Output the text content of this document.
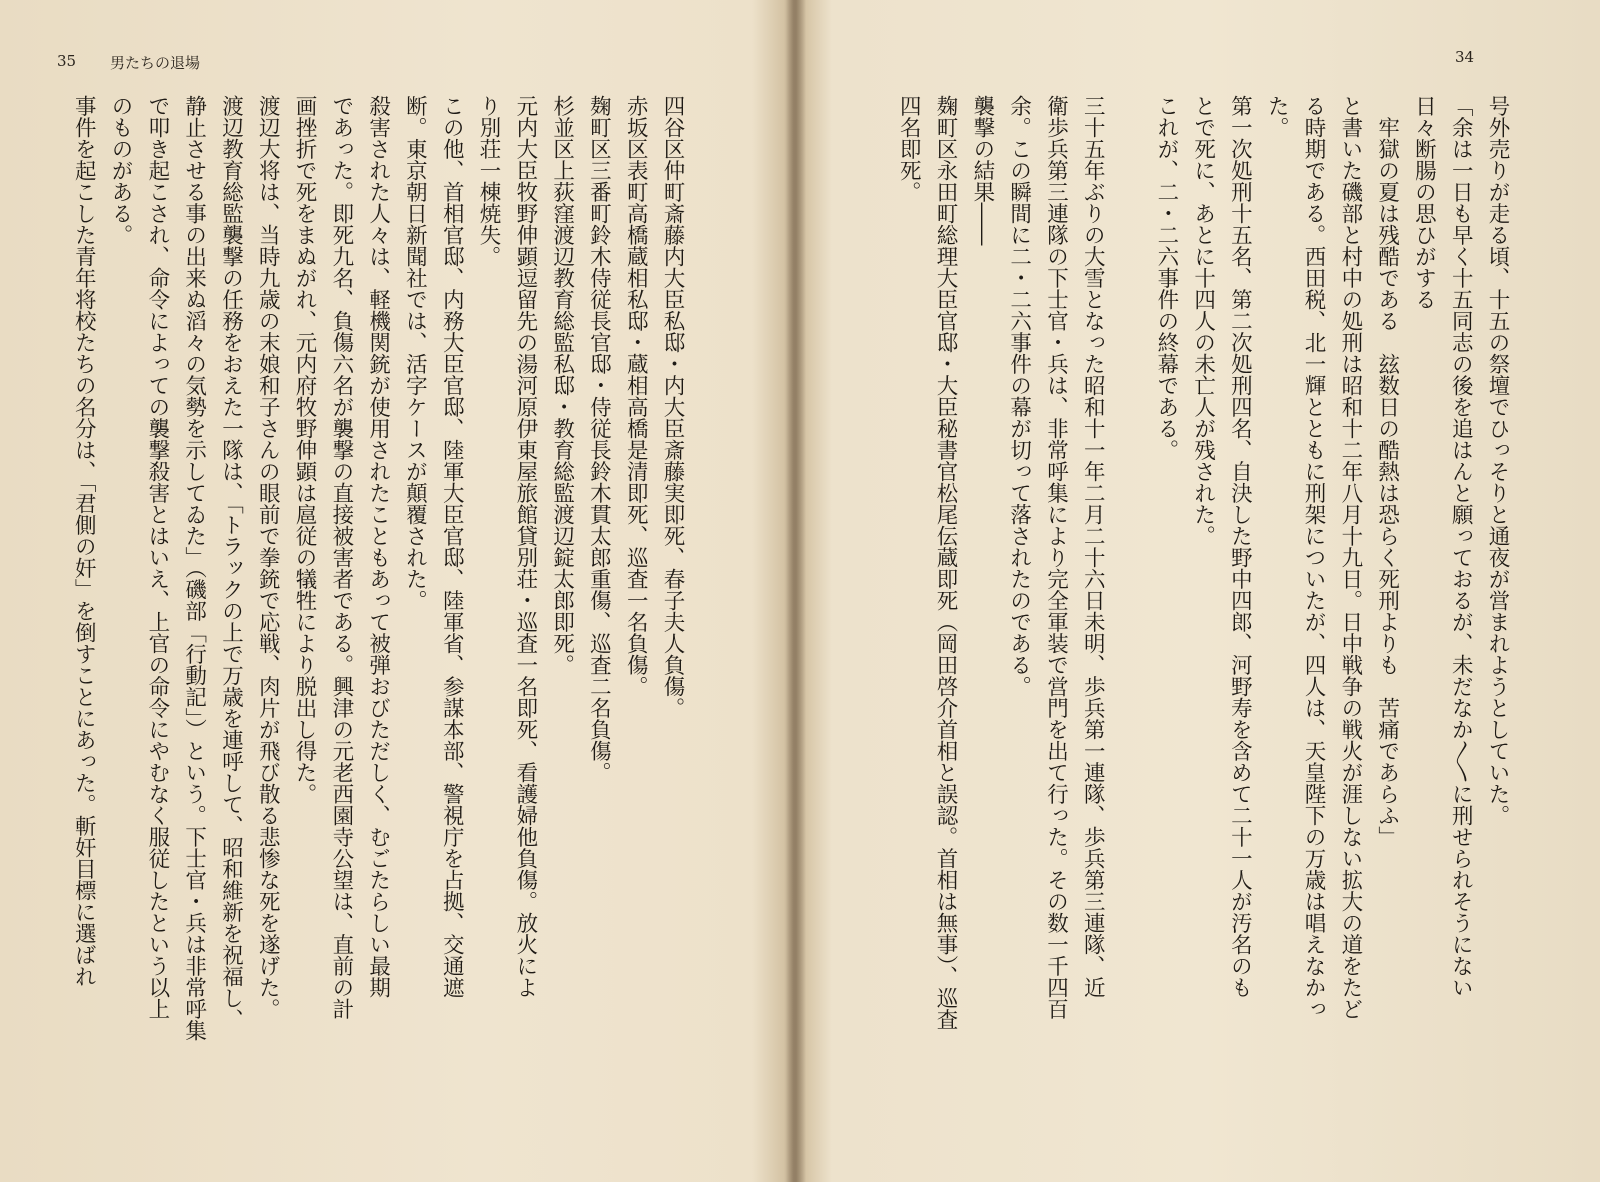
35 男たちの退場
四谷区仲町斎藤内大臣私邸・内大臣斎藤実即死、春子夫人負傷。
赤坂区表町高橋蔵相私邸・蔵相高橋是清即死、巡査一名負傷。
麹町区三番町鈴木侍従長官邸・侍従長鈴木貫太郎重傷、巡査二名負傷。
杉並区上荻窪渡辺教育総監私邸・教育総監渡辺錠太郎即死。
元内大臣牧野伸顕逗留先の湯河原伊東屋旅館貸別荘・巡査一名即死、看護婦他負傷。放火によ
り別荘一棟焼失。
この他、首相官邸、内務大臣官邸、陸軍大臣官邸、陸軍省、参謀本部、警視庁を占拠、交通遮
断。東京朝日新聞社では、活字ケースが顛覆された。
殺害された人々は、軽機関銃が使用されたこともあって被弾おびただしく、むごたらしい最期
であった。即死九名、負傷六名が襲撃の直接被害者である。興津の元老西園寺公望は、直前の計
画挫折で死をまぬがれ、元内府牧野伸顕は扈従の犠牲により脱出し得た。
渡辺大将は、当時九歳の末娘和子さんの眼前で拳銃で応戦、肉片が飛び散る悲惨な死を遂げた。
渡辺教育総監襲撃の任務をおえた一隊は、「トラックの上で万歳を連呼して、昭和維新を祝福し、
静止させる事の出来ぬ滔々の気勢を示してゐた」（磯部「行動記」）という。下士官・兵は非常呼集
で叩き起こされ、命令によっての襲撃殺害とはいえ、上官の命令にやむなく服従したという以上
のものがある。
事件を起こした青年将校たちの名分は、「君側の奸」を倒すことにあった。斬奸目標に選ばれ
34
号外売りが走る頃、十五の祭壇でひっそりと通夜が営まれようとしていた。
「余は一日も早く十五同志の後を追はんと願っておるが、未だなか〳〵に刑せられそうにない
日々断腸の思ひがする
　牢獄の夏は残酷である　玆数日の酷熱は恐らく死刑よりも　苦痛であらふ」
と書いた磯部と村中の処刑は昭和十二年八月十九日。日中戦争の戦火が涯しない拡大の道をたど
る時期である。西田税、北一輝とともに刑架についたが、四人は、天皇陛下の万歳は唱えなかっ
た。
第一次処刑十五名、第二次処刑四名、自決した野中四郎、河野寿を含めて二十一人が汚名のも
とで死に、あとに十四人の未亡人が残された。
これが、二・二六事件の終幕である。

三十五年ぶりの大雪となった昭和十一年二月二十六日未明、歩兵第一連隊、歩兵第三連隊、近
衛歩兵第三連隊の下士官・兵は、非常呼集により完全軍装で営門を出て行った。その数一千四百
余。この瞬間に二・二六事件の幕が切って落されたのである。
襲撃の結果――
麹町区永田町総理大臣官邸・大臣秘書官松尾伝蔵即死（岡田啓介首相と誤認。首相は無事）、巡査
四名即死。
